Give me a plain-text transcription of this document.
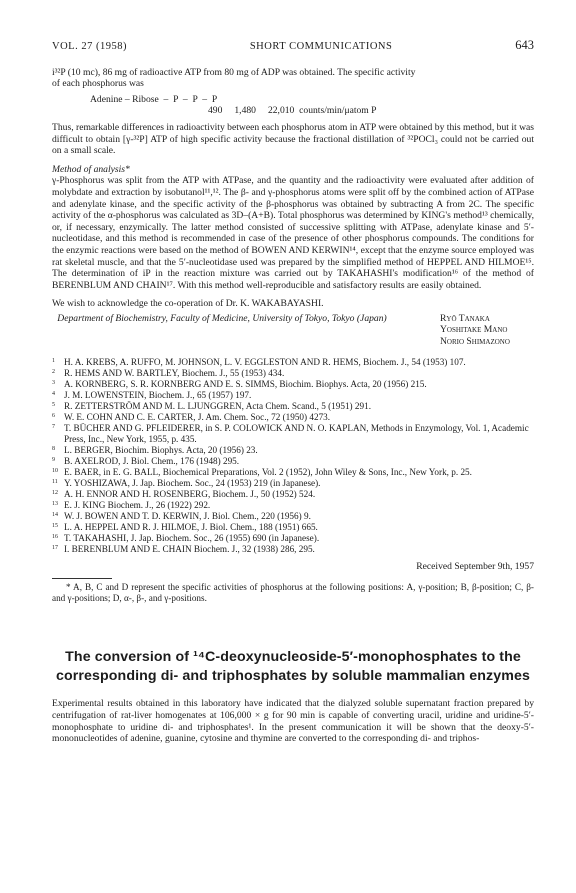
VOL. 27 (1958)	SHORT COMMUNICATIONS	643

i³²P (10 mc), 86 mg of radioactive ATP from 80 mg of ADP was obtained. The specific activity

of each phosphorus was

Adenine – Ribose  –  P  –  P  –  P
490     1,480     22,010  counts/min/μatom P

Thus, remarkable differences in radioactivity between each phosphorus atom in ATP were obtained by this method, but it was difficult to obtain [γ-³²P] ATP of high specific activity because the fractional distillation of ³²POCl₃ could not be carried out on a small scale.

Method of analysis*

γ-Phosphorus was split from the ATP with ATPase, and the quantity and the radioactivity were evaluated after addition of molybdate and extraction by isobutanol¹¹,¹². The β- and γ-phosphorus atoms were split off by the combined action of ATPase and adenylate kinase, and the specific activity of the β-phosphorus was obtained by subtracting A from 2C. The specific activity of the α-phosphorus was calculated as 3D–(A+B). Total phosphorus was determined by KING's method¹³ chemically, or, if necessary, enzymically. The latter method consisted of successive splitting with ATPase, adenylate kinase and 5′-nucleotidase, and this method is recommended in case of the presence of other phosphorus compounds. The conditions for the enzymic reactions were based on the method of BOWEN AND KERWIN¹⁴, except that the enzyme source employed was rat skeletal muscle, and that the 5′-nucleotidase used was prepared by the simplified method of HEPPEL AND HILMOE¹⁵. The determination of iP in the reaction mixture was carried out by TAKAHASHI's modification¹⁶ of the method of BERENBLUM AND CHAIN¹⁷. With this method well-reproducible and satisfactory results are easily obtained.

We wish to acknowledge the co-operation of Dr. K. WAKABAYASHI.

Department of Biochemistry, Faculty of Medicine, University of Tokyo, Tokyo (Japan)	Ryō Tanaka
Yoshitake Mano
Norio Shimazono
1 H. A. KREBS, A. RUFFO, M. JOHNSON, L. V. EGGLESTON AND R. HEMS, Biochem. J., 54 (1953) 107.
2 R. HEMS AND W. BARTLEY, Biochem. J., 55 (1953) 434.
3 A. KORNBERG, S. R. KORNBERG AND E. S. SIMMS, Biochim. Biophys. Acta, 20 (1956) 215.
4 J. M. LOWENSTEIN, Biochem. J., 65 (1957) 197.
5 R. ZETTERSTRÖM AND M. L. LJUNGGREN, Acta Chem. Scand., 5 (1951) 291.
6 W. E. COHN AND C. E. CARTER, J. Am. Chem. Soc., 72 (1950) 4273.
7 T. BÜCHER AND G. PFLEIDERER, in S. P. COLOWICK AND N. O. KAPLAN, Methods in Enzymology, Vol. 1, Academic Press, Inc., New York, 1955, p. 435.
8 L. BERGER, Biochim. Biophys. Acta, 20 (1956) 23.
9 B. AXELROD, J. Biol. Chem., 176 (1948) 295.
10 E. BAER, in E. G. BALL, Biochemical Preparations, Vol. 2 (1952), John Wiley & Sons, Inc., New York, p. 25.
11 Y. YOSHIZAWA, J. Jap. Biochem. Soc., 24 (1953) 219 (in Japanese).
12 A. H. ENNOR AND H. ROSENBERG, Biochem. J., 50 (1952) 524.
13 E. J. KING Biochem. J., 26 (1922) 292.
14 W. J. BOWEN AND T. D. KERWIN, J. Biol. Chem., 220 (1956) 9.
15 L. A. HEPPEL AND R. J. HILMOE, J. Biol. Chem., 188 (1951) 665.
16 T. TAKAHASHI, J. Jap. Biochem. Soc., 26 (1955) 690 (in Japanese).
17 I. BERENBLUM AND E. CHAIN Biochem. J., 32 (1938) 286, 295.
Received September 9th, 1957

* A, B, C and D represent the specific activities of phosphorus at the following positions: A, γ-position; B, β-position; C, β- and γ-positions; D, α-, β-, and γ-positions.

The conversion of ¹⁴C-deoxynucleoside-5′-monophosphates to the corresponding di- and triphosphates by soluble mammalian enzymes

Experimental results obtained in this laboratory have indicated that the dialyzed soluble supernatant fraction prepared by centrifugation of rat-liver homogenates at 106,000 × g for 90 min is capable of converting uracil, uridine and uridine-5′-monophosphate to uridine di- and triphosphates¹. In the present communication it will be shown that the deoxy-5′-mononucleotides of adenine, guanine, cytosine and thymine are converted to the corresponding di- and triphos-
